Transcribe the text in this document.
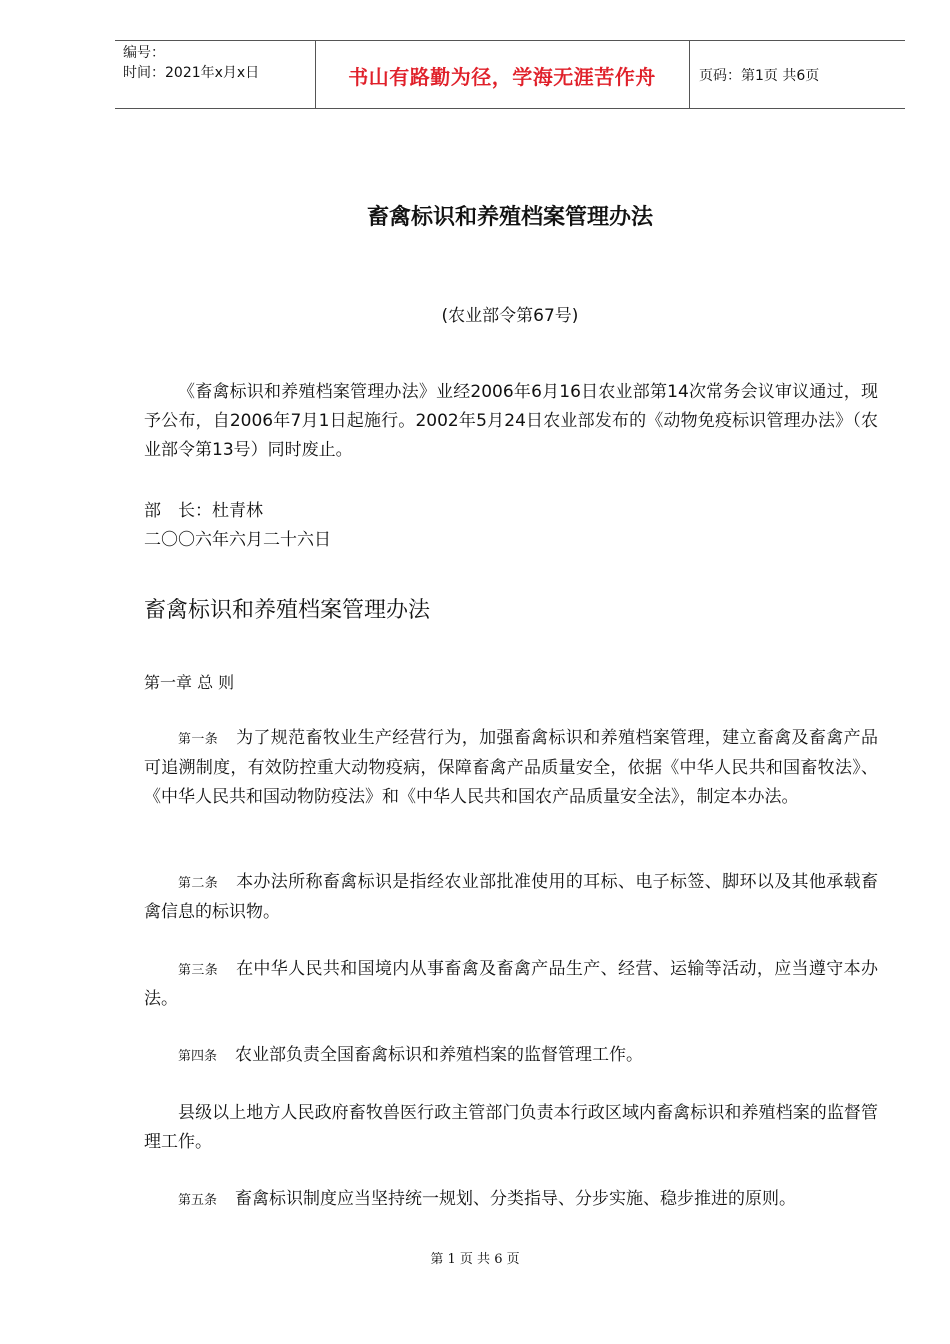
编号：
时间：2021年x月x日	书山有路勤为径，学海无涯苦作舟	页码：第1页 共6页
畜禽标识和养殖档案管理办法
(农业部令第67号)
《畜禽标识和养殖档案管理办法》业经2006年6月16日农业部第14次常务会议审议通过，现予公布，自2006年7月1日起施行。2002年5月24日农业部发布的《动物免疫标识管理办法》（农业部令第13号）同时废止。
部　长：杜青林
二〇〇六年六月二十六日
畜禽标识和养殖档案管理办法
第一章 总 则
第一条 为了规范畜牧业生产经营行为，加强畜禽标识和养殖档案管理，建立畜禽及畜禽产品可追溯制度，有效防控重大动物疫病，保障畜禽产品质量安全，依据《中华人民共和国畜牧法》、《中华人民共和国动物防疫法》和《中华人民共和国农产品质量安全法》，制定本办法。
第二条 本办法所称畜禽标识是指经农业部批准使用的耳标、电子标签、脚环以及其他承载畜禽信息的标识物。
第三条 在中华人民共和国境内从事畜禽及畜禽产品生产、经营、运输等活动，应当遵守本办法。
第四条 农业部负责全国畜禽标识和养殖档案的监督管理工作。
县级以上地方人民政府畜牧兽医行政主管部门负责本行政区域内畜禽标识和养殖档案的监督管理工作。
第五条 畜禽标识制度应当坚持统一规划、分类指导、分步实施、稳步推进的原则。
第 1 页 共 6 页
